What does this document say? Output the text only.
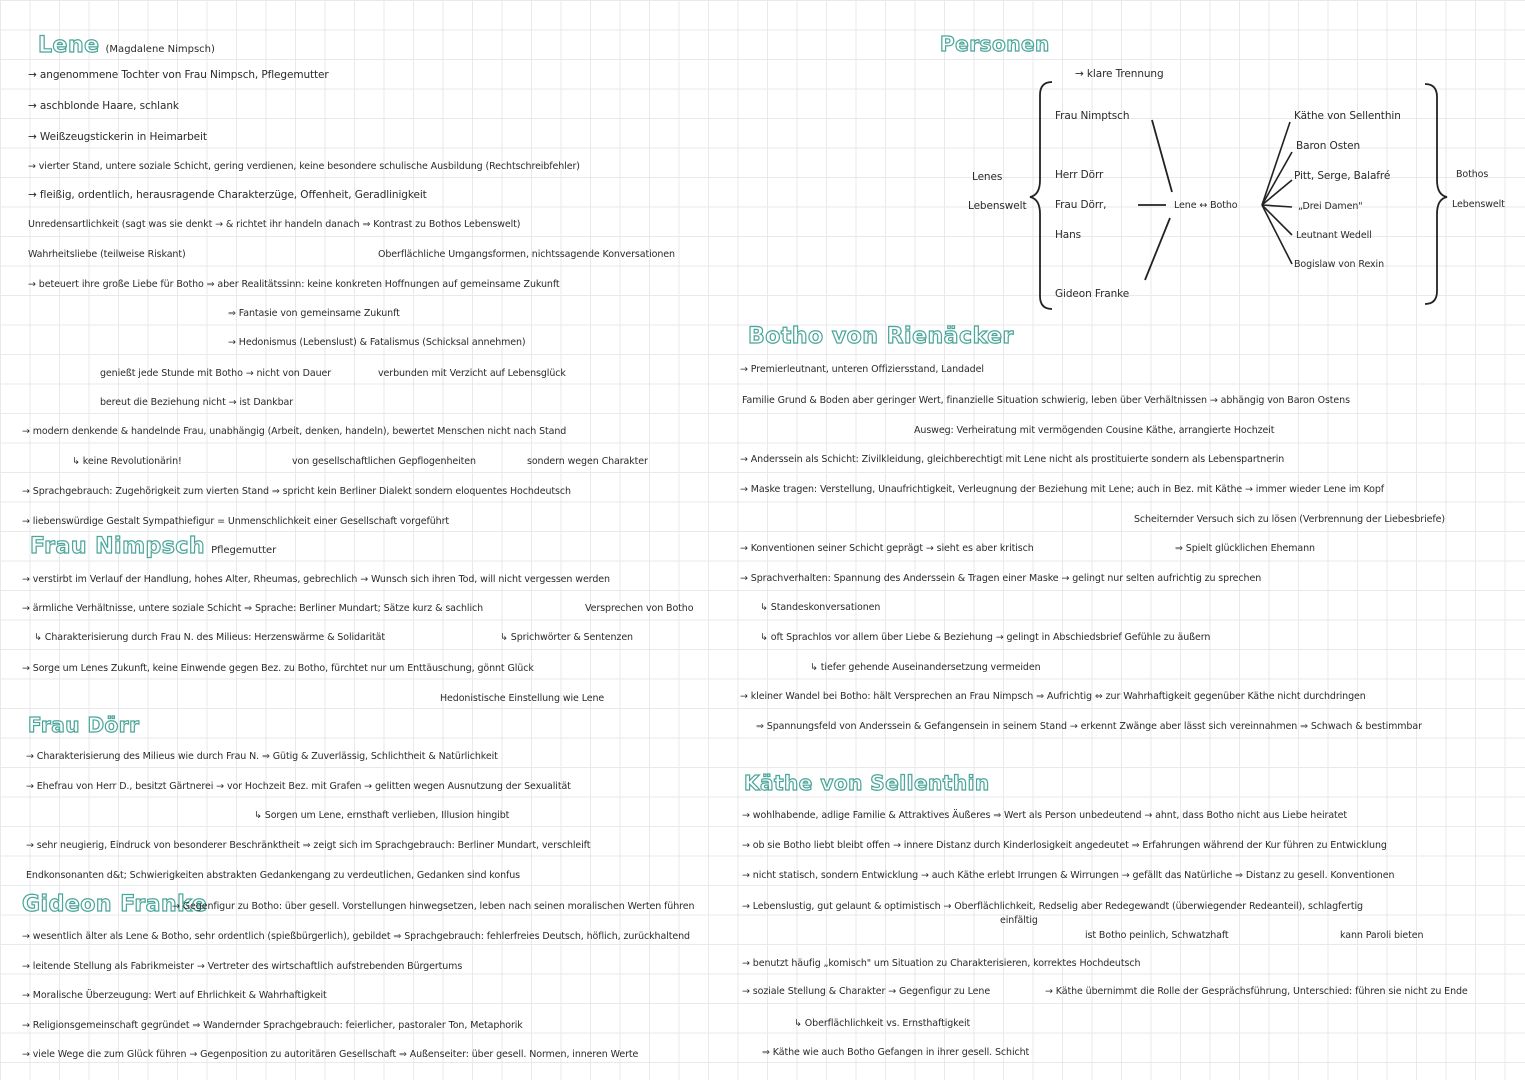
Lene (Magdalene Nimpsch)
→ angenommene Tochter von Frau Nimpsch, Pflegemutter
→ aschblonde Haare, schlank
→ Weißzeugstickerin in Heimarbeit
→ vierter Stand, untere soziale Schicht, gering verdienen, keine besondere schulische Ausbildung (Rechtschreibfehler)
→ fleißig, ordentlich, herausragende Charakterzüge, Offenheit, Geradlinigkeit
Unredensartlichkeit (sagt was sie denkt → & richtet ihr handeln danach ⇒ Kontrast zu Bothos Lebenswelt)
Wahrheitsliebe (teilweise Riskant)	Oberflächliche Umgangsformen, nichtssagende Konversationen
→ beteuert ihre große Liebe für Botho ⇒ aber Realitätssinn: keine konkreten Hoffnungen auf gemeinsame Zukunft
⇒ Fantasie von gemeinsame Zukunft
→ Hedonismus (Lebenslust) & Fatalismus (Schicksal annehmen)
genießt jede Stunde mit Botho → nicht von Dauer	verbunden mit Verzicht auf Lebensglück
bereut die Beziehung nicht → ist Dankbar
→ modern denkende & handelnde Frau, unabhängig (Arbeit, denken, handeln), bewertet Menschen nicht nach Stand
↳ keine Revolutionärin!	von gesellschaftlichen Gepflogenheiten	sondern wegen Charakter
→ Sprachgebrauch: Zugehörigkeit zum vierten Stand ⇒ spricht kein Berliner Dialekt sondern eloquentes Hochdeutsch
→ liebenswürdige Gestalt Sympathiefigur = Unmenschlichkeit einer Gesellschaft vorgeführt
Frau Nimpsch Pflegemutter
→ verstirbt im Verlauf der Handlung, hohes Alter, Rheumas, gebrechlich → Wunsch sich ihren Tod, will nicht vergessen werden
→ ärmliche Verhältnisse, untere soziale Schicht ⇒ Sprache: Berliner Mundart; Sätze kurz & sachlich	Versprechen von Botho
↳ Charakterisierung durch Frau N. des Milieus: Herzenswärme & Solidarität	↳ Sprichwörter & Sentenzen
→ Sorge um Lenes Zukunft, keine Einwende gegen Bez. zu Botho, fürchtet nur um Enttäuschung, gönnt Glück
Hedonistische Einstellung wie Lene
Frau Dörr
→ Charakterisierung des Milieus wie durch Frau N. ⇒ Gütig & Zuverlässig, Schlichtheit & Natürlichkeit
→ Ehefrau von Herr D., besitzt Gärtnerei → vor Hochzeit Bez. mit Grafen → gelitten wegen Ausnutzung der Sexualität
↳ Sorgen um Lene, ernsthaft verlieben, Illusion hingibt
→ sehr neugierig, Eindruck von besonderer Beschränktheit ⇒ zeigt sich im Sprachgebrauch: Berliner Mundart, verschleift
Endkonsonanten d&t; Schwierigkeiten abstrakten Gedankengang zu verdeutlichen, Gedanken sind konfus
Gideon Franke
→ Gegenfigur zu Botho: über gesell. Vorstellungen hinwegsetzen, leben nach seinen moralischen Werten führen
→ wesentlich älter als Lene & Botho, sehr ordentlich (spießbürgerlich), gebildet ⇒ Sprachgebrauch: fehlerfreies Deutsch, höflich, zurückhaltend
→ leitende Stellung als Fabrikmeister → Vertreter des wirtschaftlich aufstrebenden Bürgertums
→ Moralische Überzeugung: Wert auf Ehrlichkeit & Wahrhaftigkeit
→ Religionsgemeinschaft gegründet ⇒ Wandernder Sprachgebrauch: feierlicher, pastoraler Ton, Metaphorik
→ viele Wege die zum Glück führen → Gegenposition zu autoritären Gesellschaft ⇒ Außenseiter: über gesell. Normen, inneren Werte
Personen
→ klare Trennung
Frau Nimptsch
Herr Dörr
Frau Dörr,
Hans
Gideon Franke
Lenes
Lebenswelt	Lene ↔ Botho
Käthe von Sellenthin
Baron Osten
Pitt, Serge, Balafré
„Drei Damen"
Leutnant Wedell
Bogislaw von Rexin
Bothos
Lebenswelt
Botho von Rienäcker
→ Premierleutnant, unteren Offiziersstand, Landadel
Familie Grund & Boden aber geringer Wert, finanzielle Situation schwierig, leben über Verhältnissen → abhängig von Baron Ostens
Ausweg: Verheiratung mit vermögenden Cousine Käthe, arrangierte Hochzeit
→ Anderssein als Schicht: Zivilkleidung, gleichberechtigt mit Lene nicht als prostituierte sondern als Lebenspartnerin
→ Maske tragen: Verstellung, Unaufrichtigkeit, Verleugnung der Beziehung mit Lene; auch in Bez. mit Käthe → immer wieder Lene im Kopf
Scheiternder Versuch sich zu lösen (Verbrennung der Liebesbriefe)
→ Konventionen seiner Schicht geprägt → sieht es aber kritisch	⇒ Spielt glücklichen Ehemann
→ Sprachverhalten: Spannung des Anderssein & Tragen einer Maske → gelingt nur selten aufrichtig zu sprechen
↳ Standeskonversationen
↳ oft Sprachlos vor allem über Liebe & Beziehung → gelingt in Abschiedsbrief Gefühle zu äußern
↳ tiefer gehende Auseinandersetzung vermeiden
→ kleiner Wandel bei Botho: hält Versprechen an Frau Nimpsch ⇒ Aufrichtig ⇔ zur Wahrhaftigkeit gegenüber Käthe nicht durchdringen
⇒ Spannungsfeld von Anderssein & Gefangensein in seinem Stand → erkennt Zwänge aber lässt sich vereinnahmen ⇒ Schwach & bestimmbar
Käthe von Sellenthin
→ wohlhabende, adlige Familie & Attraktives Äußeres ⇒ Wert als Person unbedeutend → ahnt, dass Botho nicht aus Liebe heiratet
→ ob sie Botho liebt bleibt offen → innere Distanz durch Kinderlosigkeit angedeutet ⇒ Erfahrungen während der Kur führen zu Entwicklung
→ nicht statisch, sondern Entwicklung → auch Käthe erlebt Irrungen & Wirrungen → gefällt das Natürliche ⇒ Distanz zu gesell. Konventionen
→ Lebenslustig, gut gelaunt & optimistisch → Oberflächlichkeit, Redselig aber Redegewandt (überwiegender Redeanteil), schlagfertig
einfältig
ist Botho peinlich, Schwatzhaft	kann Paroli bieten
→ benutzt häufig „komisch" um Situation zu Charakterisieren, korrektes Hochdeutsch
→ soziale Stellung & Charakter → Gegenfigur zu Lene	→ Käthe übernimmt die Rolle der Gesprächsführung, Unterschied: führen sie nicht zu Ende
↳ Oberflächlichkeit vs. Ernsthaftigkeit
⇒ Käthe wie auch Botho Gefangen in ihrer gesell. Schicht
